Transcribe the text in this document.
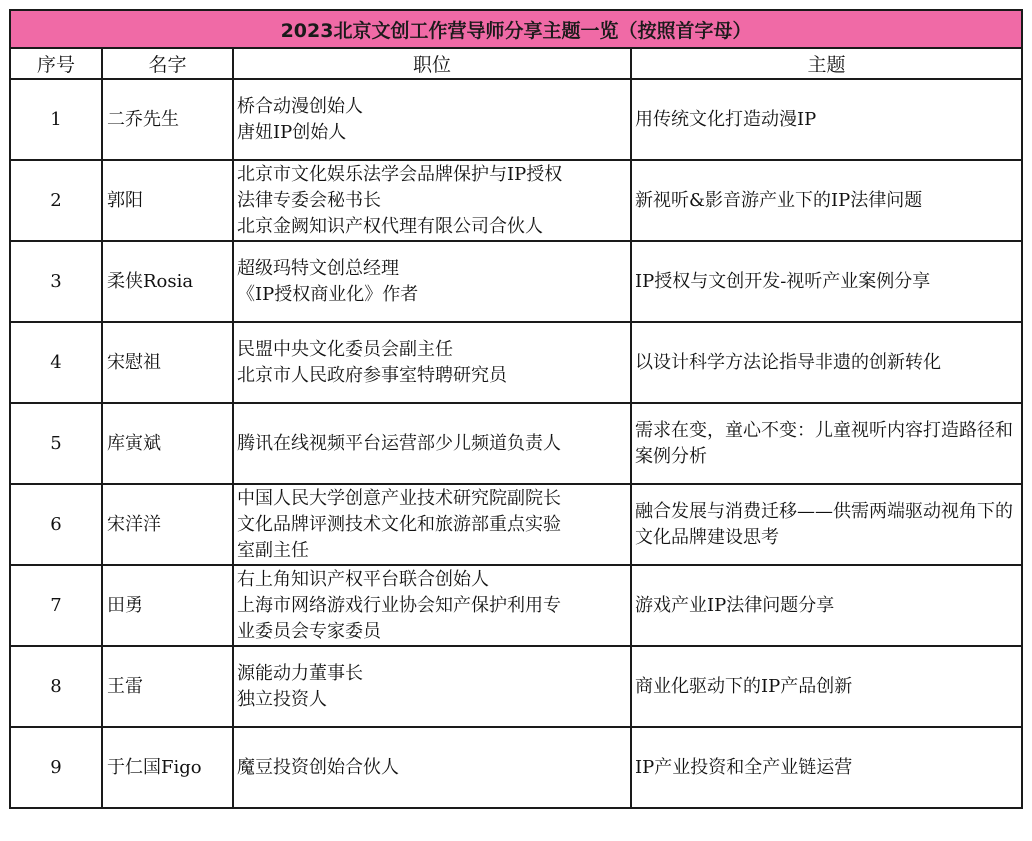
2023北京文创工作营导师分享主题一览（按照首字母）			
序号	名字	职位	主题
1	二乔先生	桥合动漫创始人
唐妞IP创始人	用传统文化打造动漫IP

2	郭阳	北京市文化娱乐法学会品牌保护与IP授权
法律专委会秘书长
北京金阙知识产权代理有限公司合伙人	新视听&影音游产业下的IP法律问题

3	柔侠Rosia	超级玛特文创总经理
《IP授权商业化》作者	IP授权与文创开发-视听产业案例分享

4	宋慰祖	民盟中央文化委员会副主任
北京市人民政府参事室特聘研究员	以设计科学方法论指导非遗的创新转化

5	库寅斌	腾讯在线视频平台运营部少儿频道负责人	需求在变，童心不变：儿童视听内容打造路径和案例分析

6	宋洋洋	中国人民大学创意产业技术研究院副院长
文化品牌评测技术文化和旅游部重点实验
室副主任	融合发展与消费迁移——供需两端驱动视角下的文化品牌建设思考

7	田勇	右上角知识产权平台联合创始人
上海市网络游戏行业协会知产保护利用专
业委员会专家委员	游戏产业IP法律问题分享

8	王雷	源能动力董事长
独立投资人	商业化驱动下的IP产品创新

9	于仁国Figo	魔豆投资创始合伙人	IP产业投资和全产业链运营
